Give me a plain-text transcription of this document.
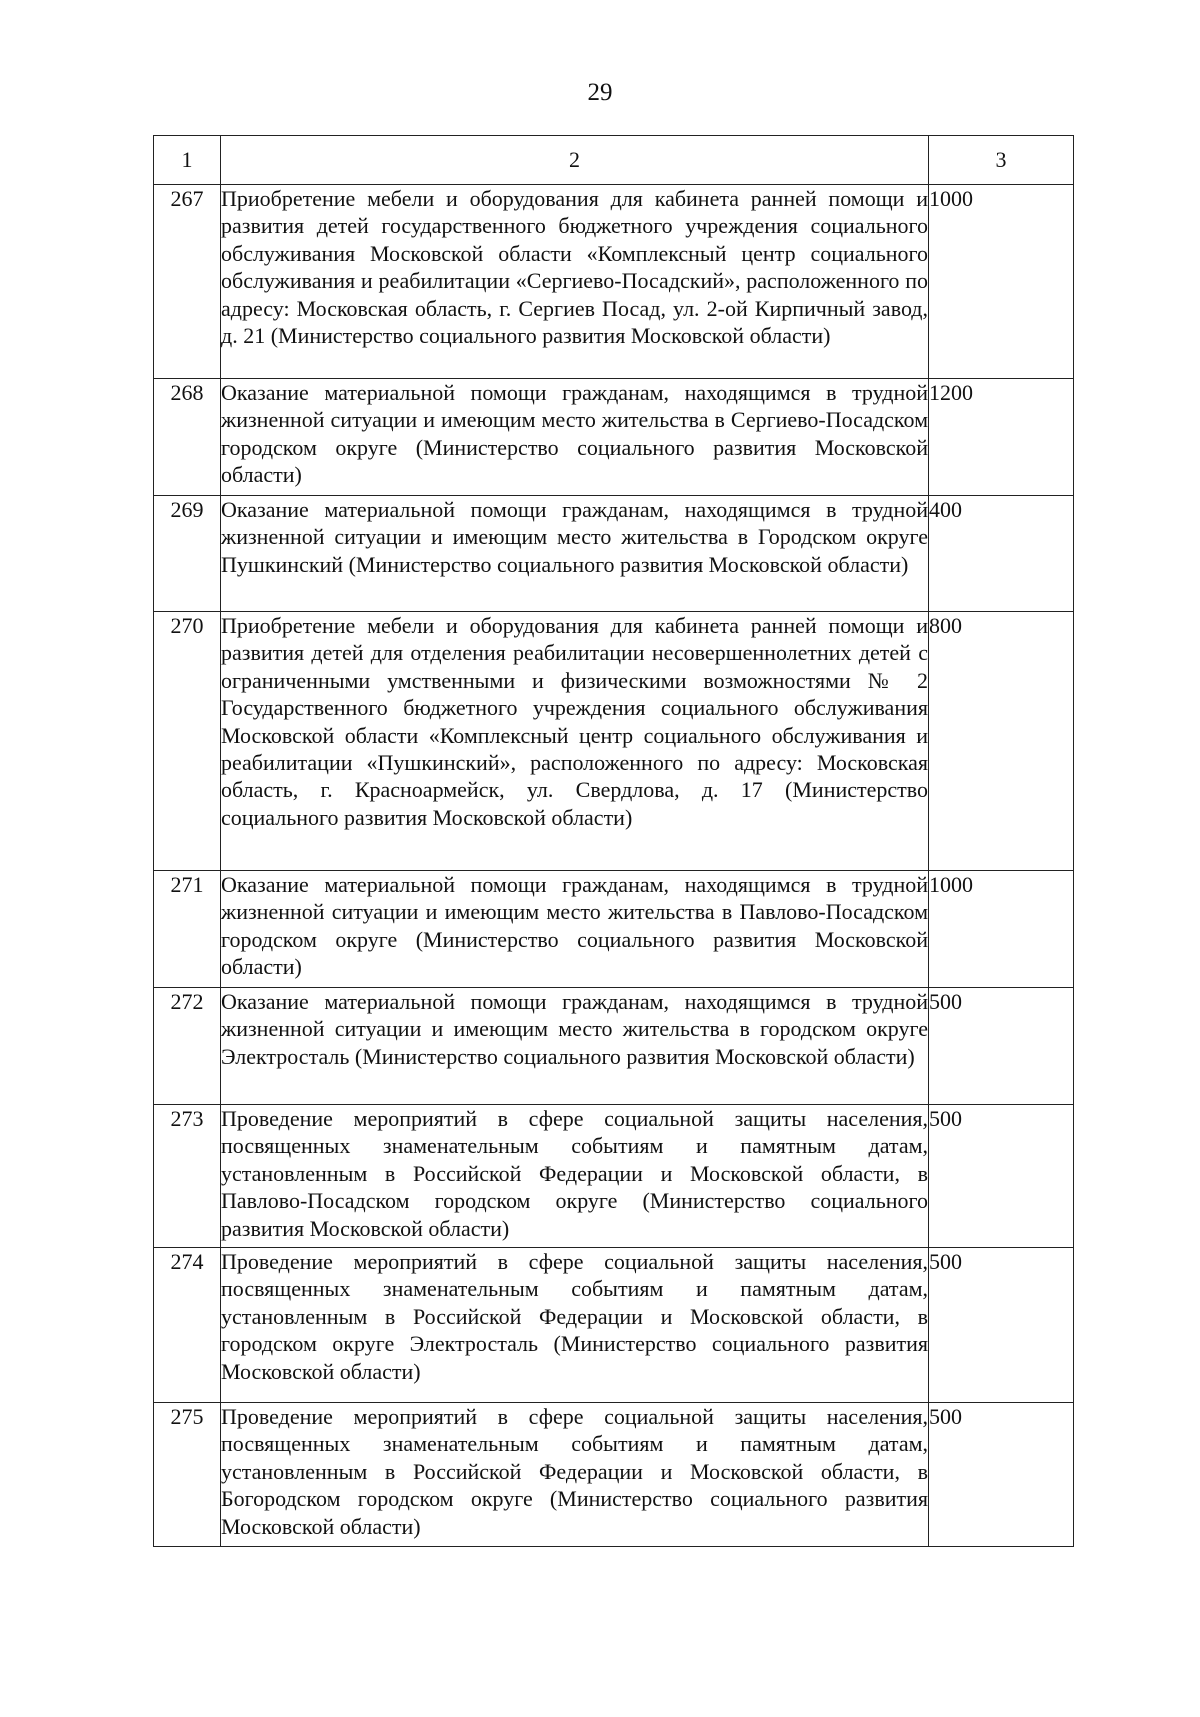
29
1	2	3
267	Приобретение мебели и оборудования для кабинета ранней помощи и развития детей государственного бюджетного учреждения социального обслуживания Московской области «Комплексный центр социального обслуживания и реабилитации «Сергиево-Посадский», расположенного по адресу: Московская область, г. Сергиев Посад, ул. 2-ой Кирпичный завод, д. 21 (Министерство социального развития Московской области)	1000
268	Оказание материальной помощи гражданам, находящимся в трудной жизненной ситуации и имеющим место жительства в Сергиево-Посадском городском округе (Министерство социального развития Московской области)	1200
269	Оказание материальной помощи гражданам, находящимся в трудной жизненной ситуации и имеющим место жительства в Городском округе Пушкинский (Министерство социального развития Московской области)	400
270	Приобретение мебели и оборудования для кабинета ранней помощи и развития детей для отделения реабилитации несовершеннолетних детей с ограниченными умственными и физическими возможностями № 2 Государственного бюджетного учреждения социального обслуживания Московской области «Комплексный центр социального обслуживания и реабилитации «Пушкинский», расположенного по адресу: Московская область, г. Красноармейск, ул. Свердлова, д. 17 (Министерство социального развития Московской области)	800
271	Оказание материальной помощи гражданам, находящимся в трудной жизненной ситуации и имеющим место жительства в Павлово-Посадском городском округе (Министерство социального развития Московской области)	1000
272	Оказание материальной помощи гражданам, находящимся в трудной жизненной ситуации и имеющим место жительства в городском округе Электросталь (Министерство социального развития Московской области)	500
273	Проведение мероприятий в сфере социальной защиты населения, посвященных знаменательным событиям и памятным датам, установленным в Российской Федерации и Московской области, в Павлово-Посадском городском округе (Министерство социального развития Московской области)	500
274	Проведение мероприятий в сфере социальной защиты населения, посвященных знаменательным событиям и памятным датам, установленным в Российской Федерации и Московской области, в городском округе Электросталь (Министерство социального развития Московской области)	500
275	Проведение мероприятий в сфере социальной защиты населения, посвященных знаменательным событиям и памятным датам, установленным в Российской Федерации и Московской области, в Богородском городском округе (Министерство социального развития Московской области)	500
